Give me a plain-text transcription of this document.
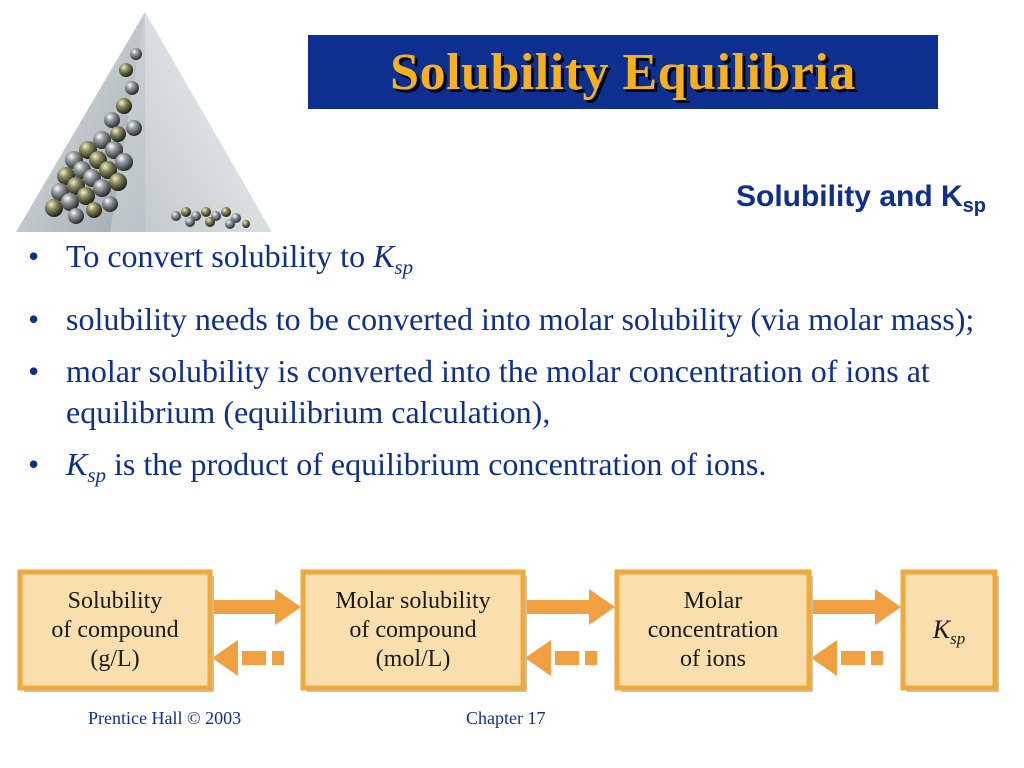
Solubility Equilibria
Solubility and $K_{sp}$
• To convert solubility to $K_{sp}$
• solubility needs to be converted into molar solubility (via molar mass);
• molar solubility is converted into the molar concentration of ions at equilibrium (equilibrium calculation),
• $K_{sp}$ is the product of equilibrium concentration of ions.
Solubility
of compound
(g/L)
Molar solubility
of compound
(mol/L)
Molar
concentration
of ions
$K_{sp}$
Prentice Hall © 2003	Chapter 17
